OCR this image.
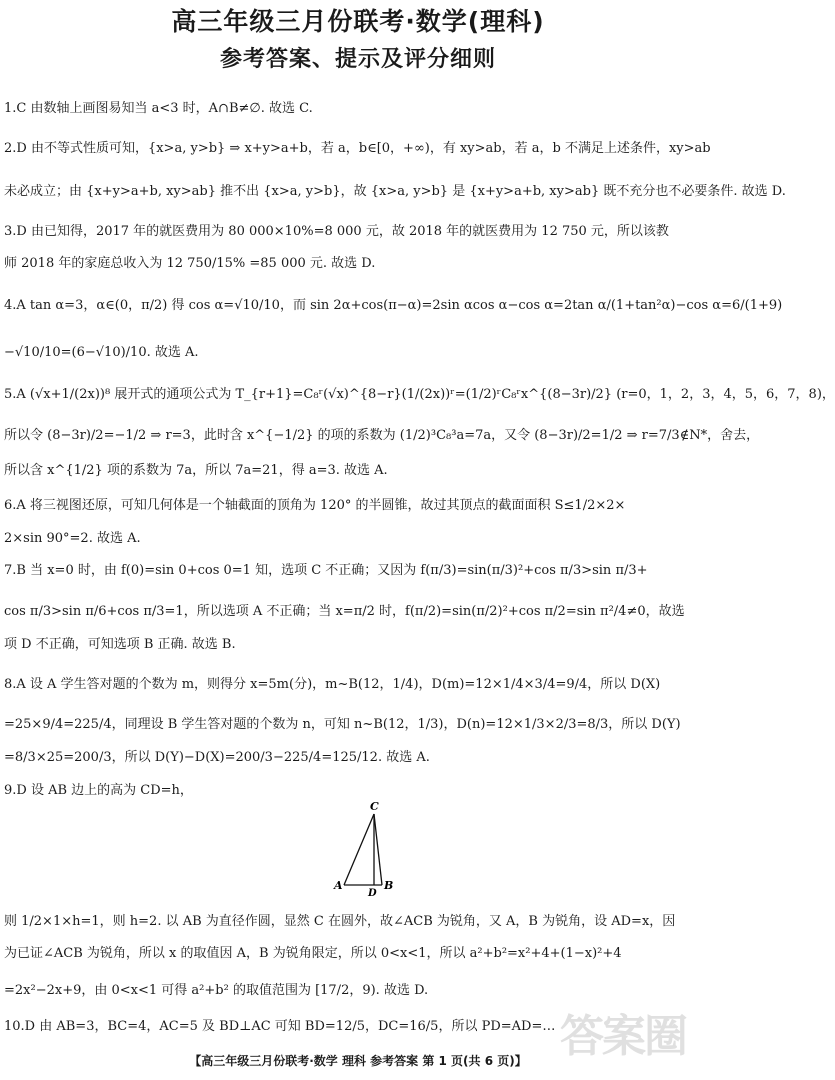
高三年级三月份联考·数学(理科)
参考答案、提示及评分细则
1.C 由数轴上画图易知当 a<3 时，A∩B≠∅. 故选 C.
2.D 由不等式性质可知，{x>a, y>b} ⇒ x+y>a+b，若 a，b∈[0，+∞)，有 xy>ab，若 a，b 不满足上述条件，xy>ab
未必成立；由 {x+y>a+b, xy>ab} 推不出 {x>a, y>b}，故 {x>a, y>b} 是 {x+y>a+b, xy>ab} 既不充分也不必要条件. 故选 D.
3.D 由已知得，2017 年的就医费用为 80 000×10%=8 000 元，故 2018 年的就医费用为 12 750 元，所以该教
师 2018 年的家庭总收入为 12 750/15% =85 000 元. 故选 D.
4.A tan α=3，α∈(0，π/2) 得 cos α=√10/10，而 sin 2α+cos(π−α)=2sin αcos α−cos α=2tan α/(1+tan²α)−cos α=6/(1+9)
−√10/10=(6−√10)/10. 故选 A.
5.A (√x+1/(2x))⁸ 展开式的通项公式为 T_{r+1}=C₈ʳ(√x)^{8−r}(1/(2x))ʳ=(1/2)ʳC₈ʳx^{(8−3r)/2} (r=0，1，2，3，4，5，6，7，8)，
所以令 (8−3r)/2=−1/2 ⇒ r=3，此时含 x^{−1/2} 的项的系数为 (1/2)³C₈³a=7a，又令 (8−3r)/2=1/2 ⇒ r=7/3∉N*，舍去，
所以含 x^{1/2} 项的系数为 7a，所以 7a=21，得 a=3. 故选 A.
6.A 将三视图还原，可知几何体是一个轴截面的顶角为 120° 的半圆锥，故过其顶点的截面面积 S≤1/2×2×
2×sin 90°=2. 故选 A.
7.B 当 x=0 时，由 f(0)=sin 0+cos 0=1 知，选项 C 不正确；又因为 f(π/3)=sin(π/3)²+cos π/3>sin π/3+
cos π/3>sin π/6+cos π/3=1，所以选项 A 不正确；当 x=π/2 时，f(π/2)=sin(π/2)²+cos π/2=sin π²/4≠0，故选
项 D 不正确，可知选项 B 正确. 故选 B.
8.A 设 A 学生答对题的个数为 m，则得分 x=5m(分)，m~B(12，1/4)，D(m)=12×1/4×3/4=9/4，所以 D(X)
=25×9/4=225/4，同理设 B 学生答对题的个数为 n，可知 n~B(12，1/3)，D(n)=12×1/3×2/3=8/3，所以 D(Y)
=8/3×25=200/3，所以 D(Y)−D(X)=200/3−225/4=125/12. 故选 A.
9.D 设 AB 边上的高为 CD=h，
则 1/2×1×h=1，则 h=2. 以 AB 为直径作圆，显然 C 在圆外，故∠ACB 为锐角，又 A，B 为锐角，设 AD=x，因
为已证∠ACB 为锐角，所以 x 的取值因 A，B 为锐角限定，所以 0<x<1，所以 a²+b²=x²+4+(1−x)²+4
=2x²−2x+9，由 0<x<1 可得 a²+b² 的取值范围为 [17/2，9). 故选 D.
10.D 由 AB=3，BC=4，AC=5 及 BD⊥AC 可知 BD=12/5，DC=16/5，所以 PD=AD=…
C
A
D
B
答案圈
【高三年级三月份联考·数学 理科 参考答案 第 1 页(共 6 页)】
